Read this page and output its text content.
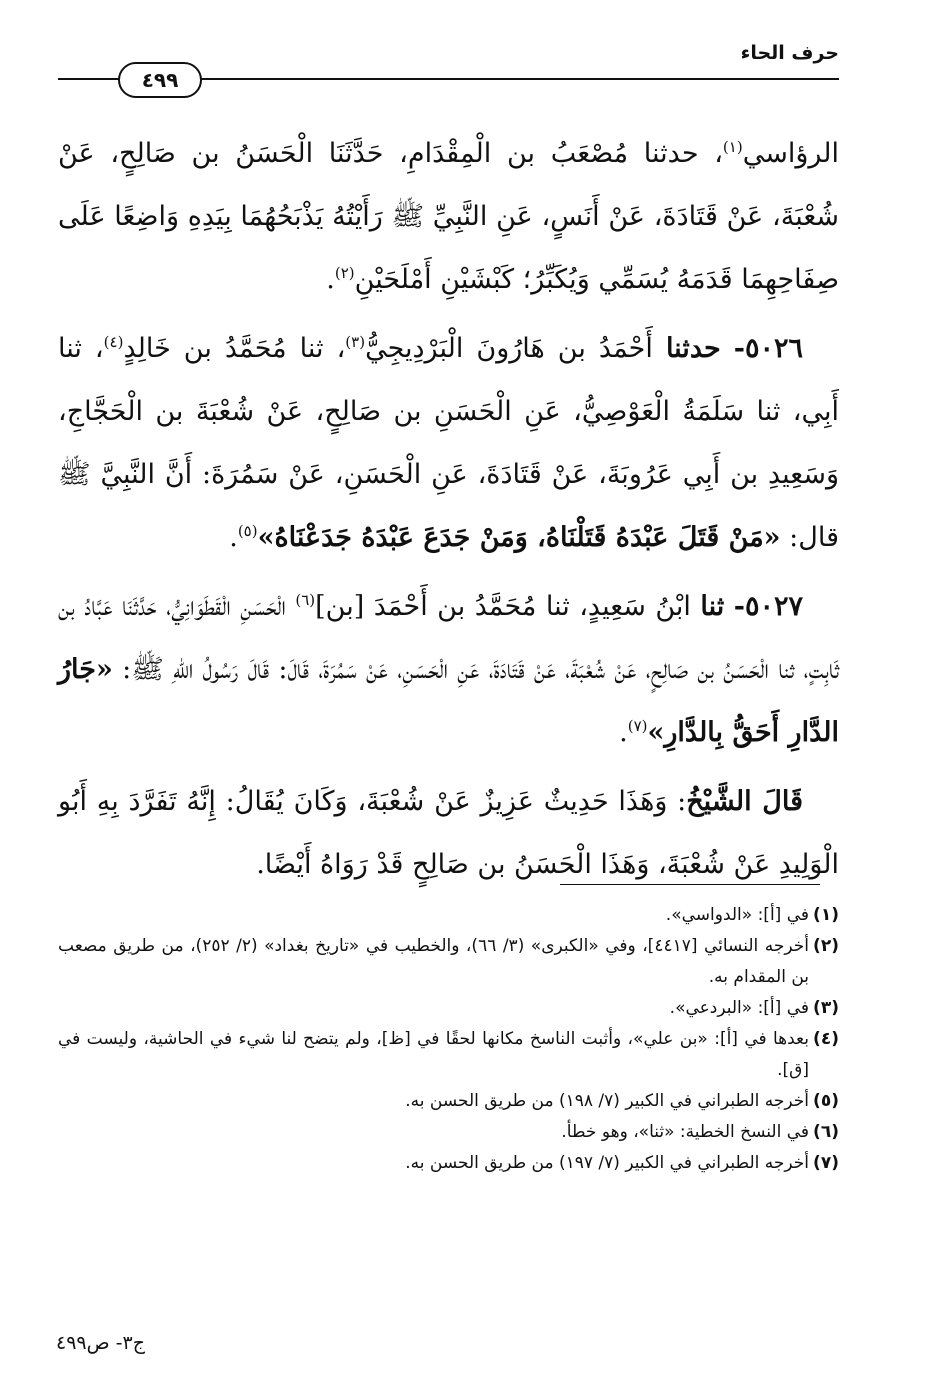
حرف الحاء
٤٩٩

الرؤاسي$^{(١)}$، حدثنا مُصْعَبُ بن الْمِقْدَامِ، حَدَّثَنَا الْحَسَنُ بن صَالِحٍ، عَنْ شُعْبَةَ، عَنْ قَتَادَةَ، عَنْ أَنَسٍ، عَنِ النَّبِيِّ ﷺ رَأَيْتُهُ يَذْبَحُهُمَا بِيَدِهِ وَاضِعًا عَلَى صِفَاحِهِمَا قَدَمَهُ يُسَمِّي وَيُكَبِّرُ؛ كَبْشَيْنِ أَمْلَحَيْنِ$^{(٢)}$.

٥٠٢٦- حدثنا أَحْمَدُ بن هَارُونَ الْبَرْدِيجِيُّ$^{(٣)}$، ثنا مُحَمَّدُ بن خَالِدٍ$^{(٤)}$، ثنا أَبِي، ثنا سَلَمَةُ الْعَوْصِيُّ، عَنِ الْحَسَنِ بن صَالِحٍ، عَنْ شُعْبَةَ بن الْحَجَّاجِ، وَسَعِيدِ بن أَبِي عَرُوبَةَ، عَنْ قَتَادَةَ، عَنِ الْحَسَنِ، عَنْ سَمُرَةَ: أَنَّ النَّبِيَّ ﷺ قال: «مَنْ قَتَلَ عَبْدَهُ قَتَلْنَاهُ، وَمَنْ جَدَعَ عَبْدَهُ جَدَعْنَاهُ»$^{(٥)}$.

٥٠٢٧- ثنا ابْنُ سَعِيدٍ، ثنا مُحَمَّدُ بن أَحْمَدَ [بن]$^{(٦)}$ الْحَسَنِ الْقَطَوَانِيُّ، حَدَّثَنَا عَبَّادُ بن ثَابِتٍ، ثنا الْحَسَنُ بن صَالِحٍ، عَنْ شُعْبَةَ، عَنْ قَتَادَةَ، عَنِ الْحَسَنِ، عَنْ سَمُرَةَ، قَالَ: قَالَ رَسُولُ اللهِ ﷺ: «جَارُ الدَّارِ أَحَقُّ بِالدَّارِ»$^{(٧)}$.

قَالَ الشَّيْخُ: وَهَذَا حَدِيثٌ عَزِيزٌ عَنْ شُعْبَةَ، وَكَانَ يُقَالُ: إِنَّهُ تَفَرَّدَ بِهِ أَبُو الْوَلِيدِ عَنْ شُعْبَةَ، وَهَذَا الْحَسَنُ بن صَالِحٍ قَدْ رَوَاهُ أَيْضًا.

(١)
في [أ]: «الدواسي».
(٢)
أخرجه النسائي [٤٤١٧]، وفي «الكبرى» (٣/ ٦٦)، والخطيب في «تاريخ بغداد» (٢/ ٢٥٢)، من طريق مصعب بن المقدام به.
(٣)
في [أ]: «البردعي».
(٤)
بعدها في [أ]: «بن علي»، وأثبت الناسخ مكانها لحقًا في [ظ]، ولم يتضح لنا شيء في الحاشية، وليست في [ق].
(٥)
أخرجه الطبراني في الكبير (٧/ ١٩٨) من طريق الحسن به.
(٦)
في النسخ الخطية: «ثنا»، وهو خطأ.
(٧)
أخرجه الطبراني في الكبير (٧/ ١٩٧) من طريق الحسن به.
ج٣- ص٤٩٩
